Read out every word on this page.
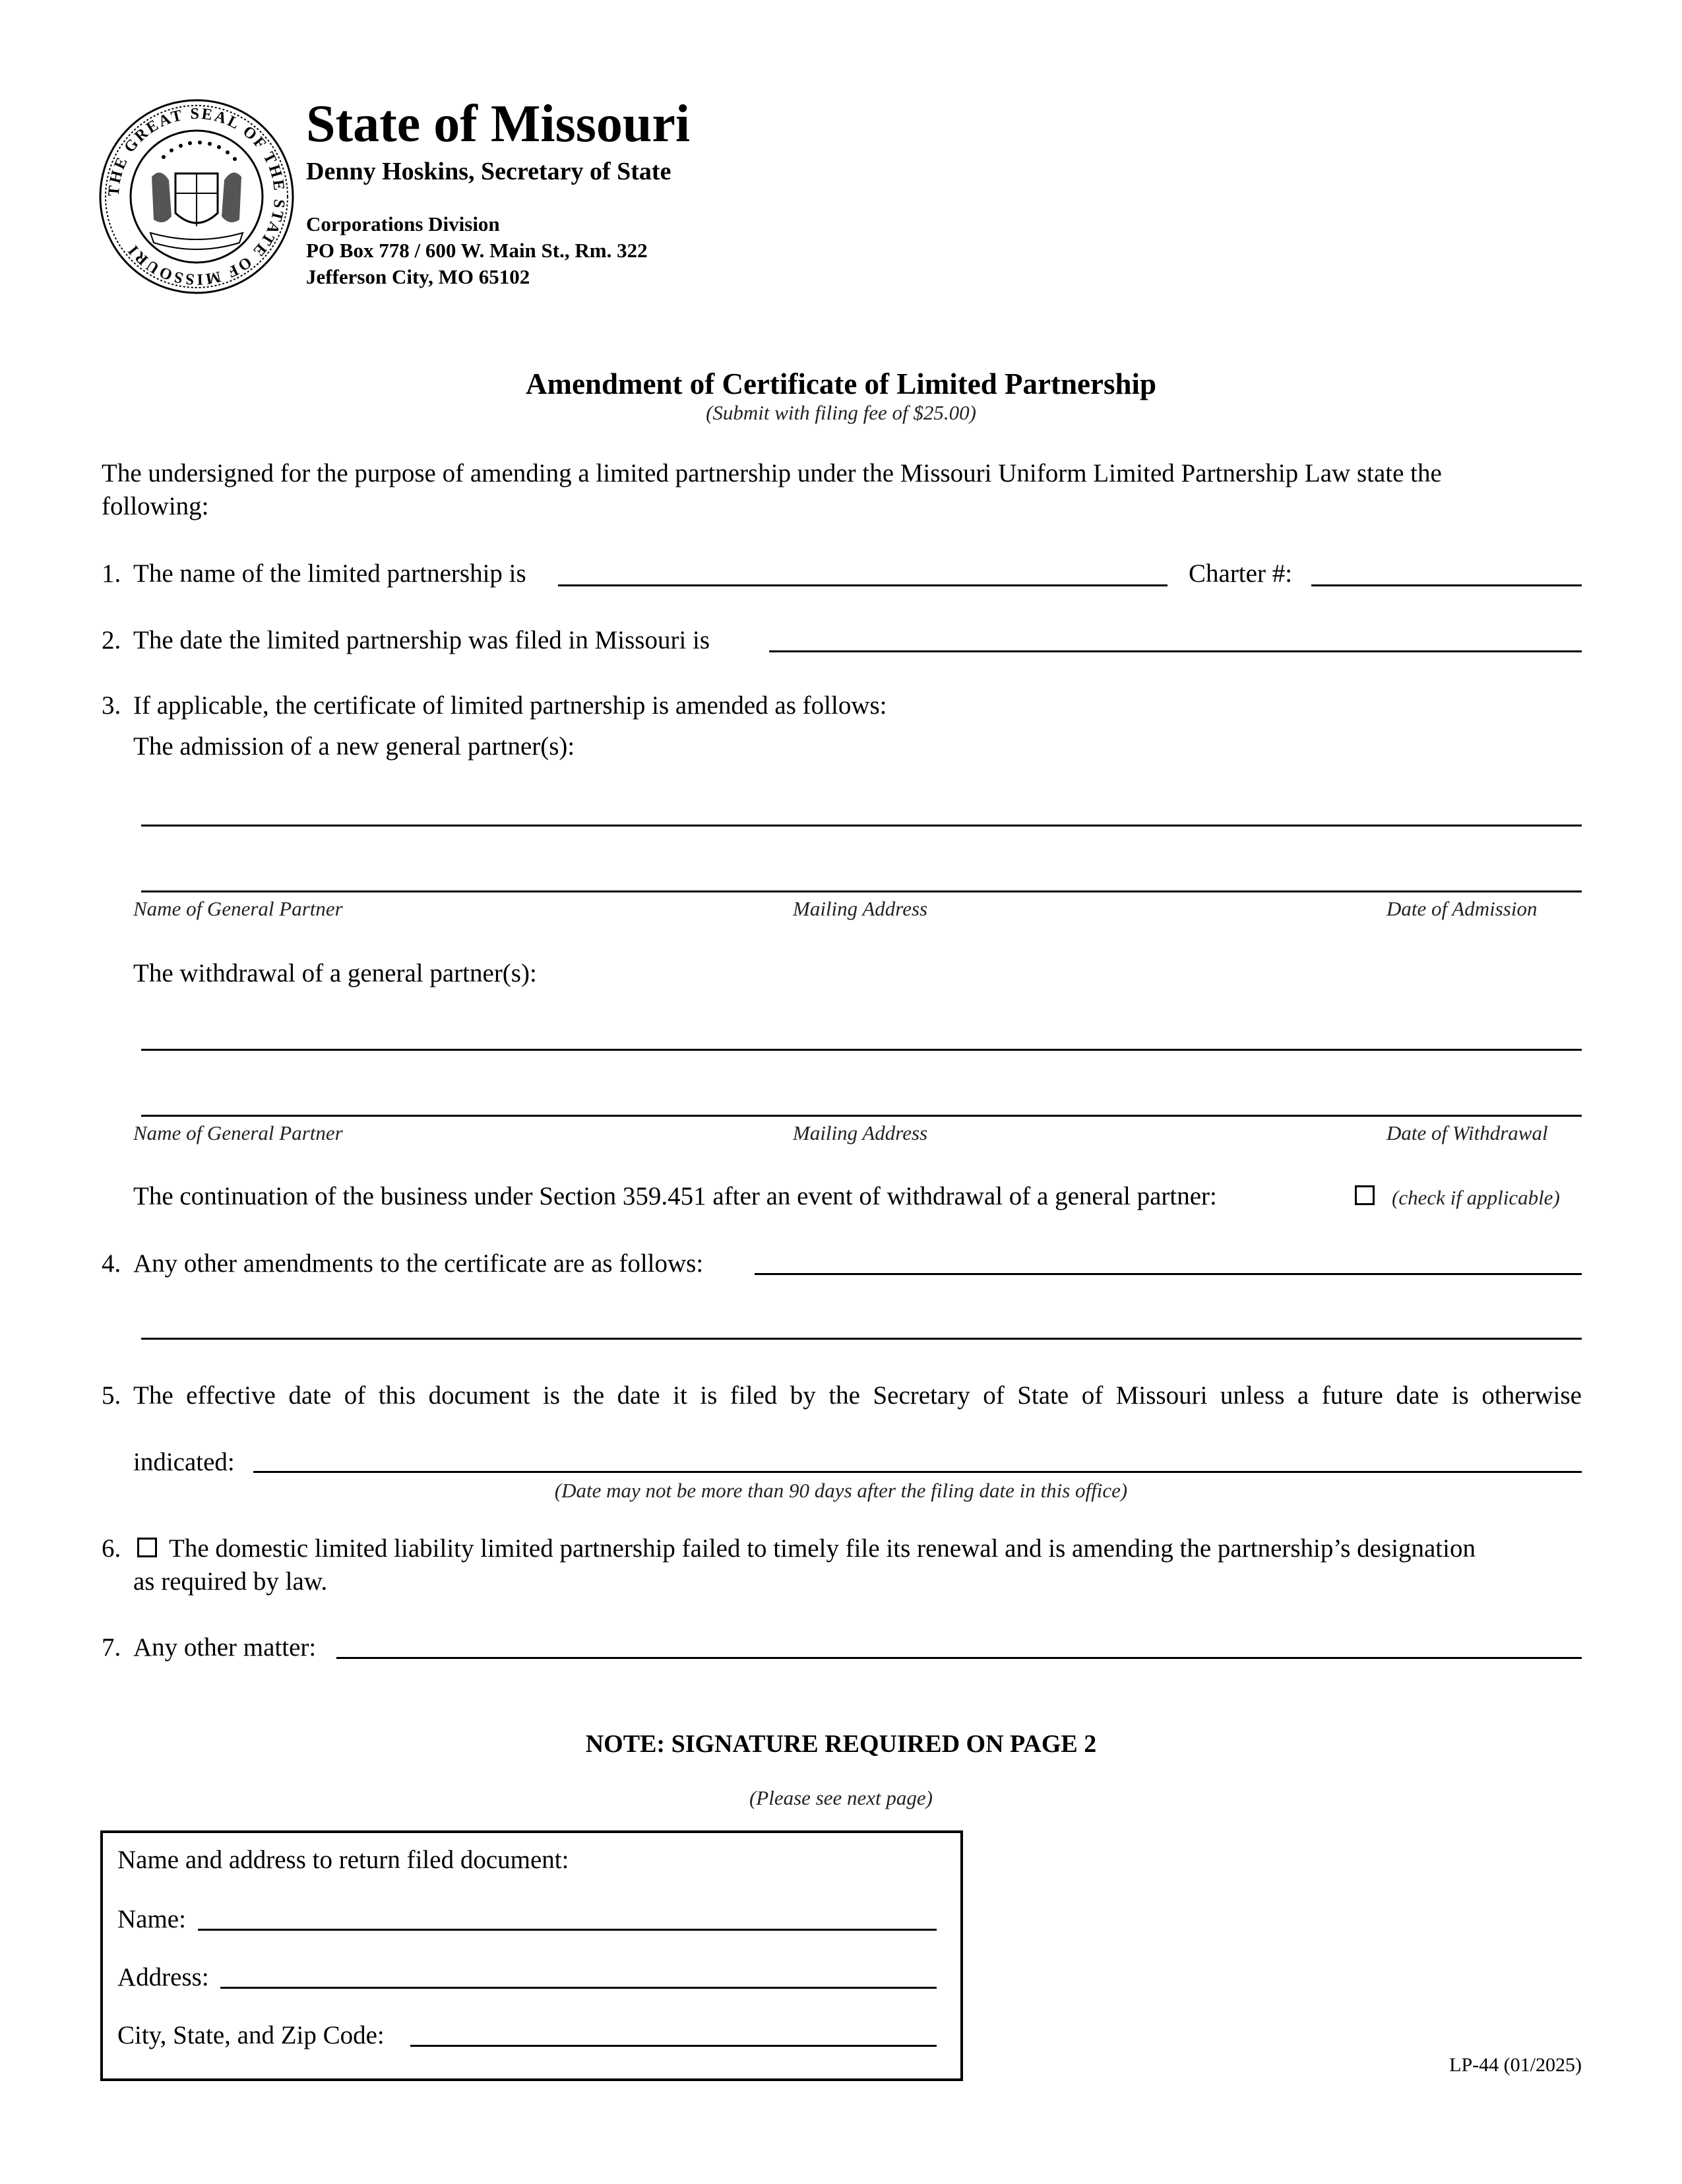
THE GREAT SEAL OF THE STATE OF MISSOURI
State of Missouri
Denny Hoskins, Secretary of State
Corporations Division
PO Box 778 / 600 W. Main St., Rm. 322
Jefferson City, MO 65102
Amendment of Certificate of Limited Partnership
(Submit with filing fee of $25.00)
The undersigned for the purpose of amending a limited partnership under the Missouri Uniform Limited Partnership Law state the
following:
1. The name of the limited partnership is	Charter #:
2. The date the limited partnership was filed in Missouri is
3. If applicable, the certificate of limited partnership is amended as follows:
The admission of a new general partner(s):
Name of General Partner	Mailing Address	Date of Admission
The withdrawal of a general partner(s):
Name of General Partner	Mailing Address	Date of Withdrawal
The continuation of the business under Section 359.451 after an event of withdrawal of a general partner:	(check if applicable)
4. Any other amendments to the certificate are as follows:
5. The effective date of this document is the date it is filed by the Secretary of State of Missouri unless a future date is otherwise
indicated:
(Date may not be more than 90 days after the filing date in this office)
6. The domestic limited liability limited partnership failed to timely file its renewal and is amending the partnership’s designation
as required by law.
7. Any other matter:
NOTE: SIGNATURE REQUIRED ON PAGE 2
(Please see next page)
Name and address to return filed document:
Name:
Address:
City, State, and Zip Code:
LP-44 (01/2025)
